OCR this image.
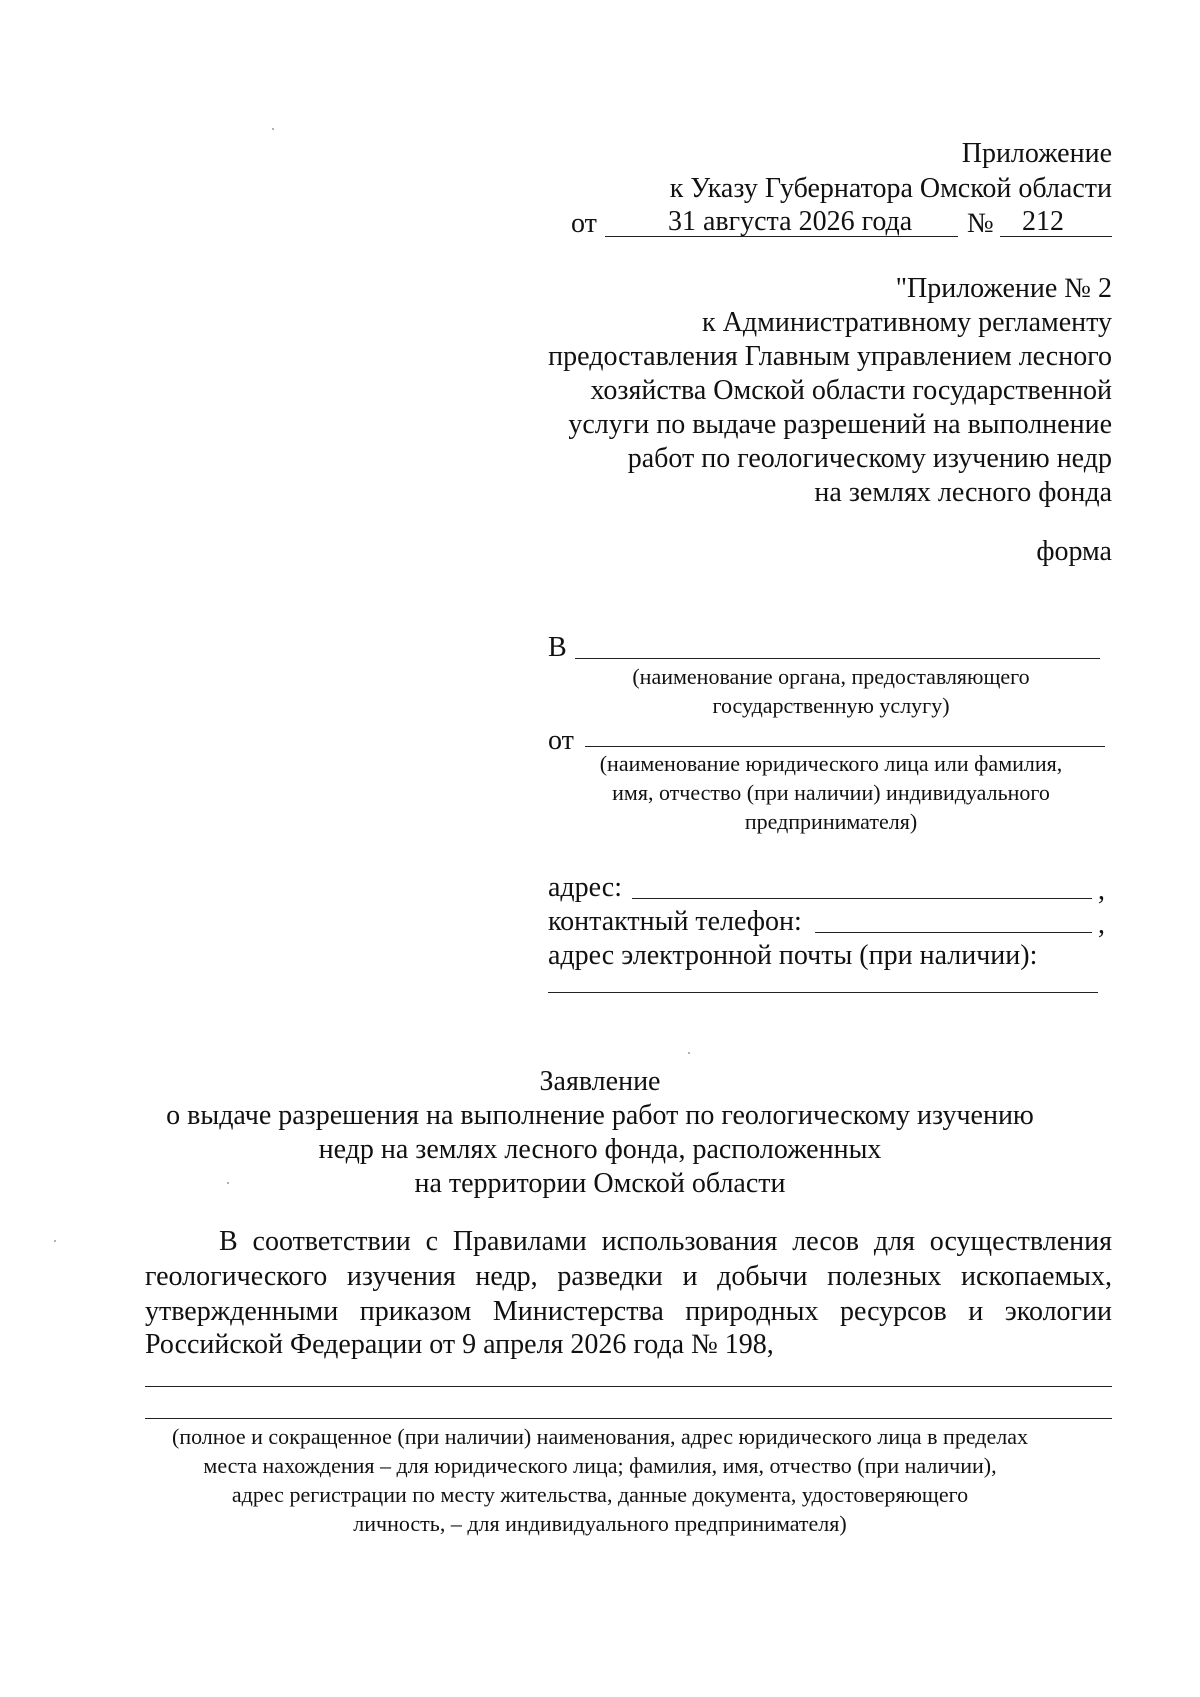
Приложение
к Указу Губернатора Омской области
от	31 августа 2026 года № 212
"Приложение № 2
к Административному регламенту
предоставления Главным управлением лесного
хозяйства Омской области государственной
услуги по выдаче разрешений на выполнение
работ по геологическому изучению недр
на землях лесного фонда
форма
В
(наименование органа, предоставляющего
государственную услугу)
от
(наименование юридического лица или фамилия,
имя, отчество (при наличии) индивидуального
предпринимателя)
адрес:	,
контактный телефон:	,
адрес электронной почты (при наличии):
Заявление
о выдаче разрешения на выполнение работ по геологическому изучению
недр на землях лесного фонда, расположенных
на территории Омской области
В соответствии с Правилами использования лесов для осуществления
геологического изучения недр, разведки и добычи полезных ископаемых,
утвержденными приказом Министерства природных ресурсов и экологии
Российской Федерации от 9 апреля 2026 года № 198,
(полное и сокращенное (при наличии) наименования, адрес юридического лица в пределах
места нахождения – для юридического лица; фамилия, имя, отчество (при наличии),
адрес регистрации по месту жительства, данные документа, удостоверяющего
личность, – для индивидуального предпринимателя)
